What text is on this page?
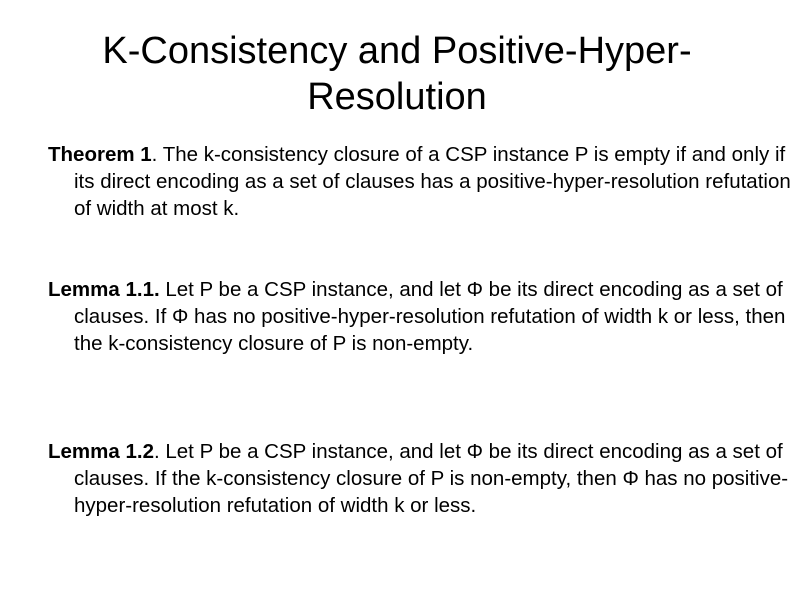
K-Consistency and Positive-Hyper-
Resolution

Theorem 1. The k-consistency closure of a CSP instance P is empty if and only if its direct encoding as a set of clauses has a positive-hyper-resolution refutation of width at most k.

Lemma 1.1. Let P be a CSP instance, and let Φ be its direct encoding as a set of clauses. If Φ has no positive-hyper-resolution refutation of width k or less, then the k-consistency closure of P is non-empty.

Lemma 1.2. Let P be a CSP instance, and let Φ be its direct encoding as a set of clauses. If the k-consistency closure of P is non-empty, then Φ has no positive-hyper-resolution refutation of width k or less.
